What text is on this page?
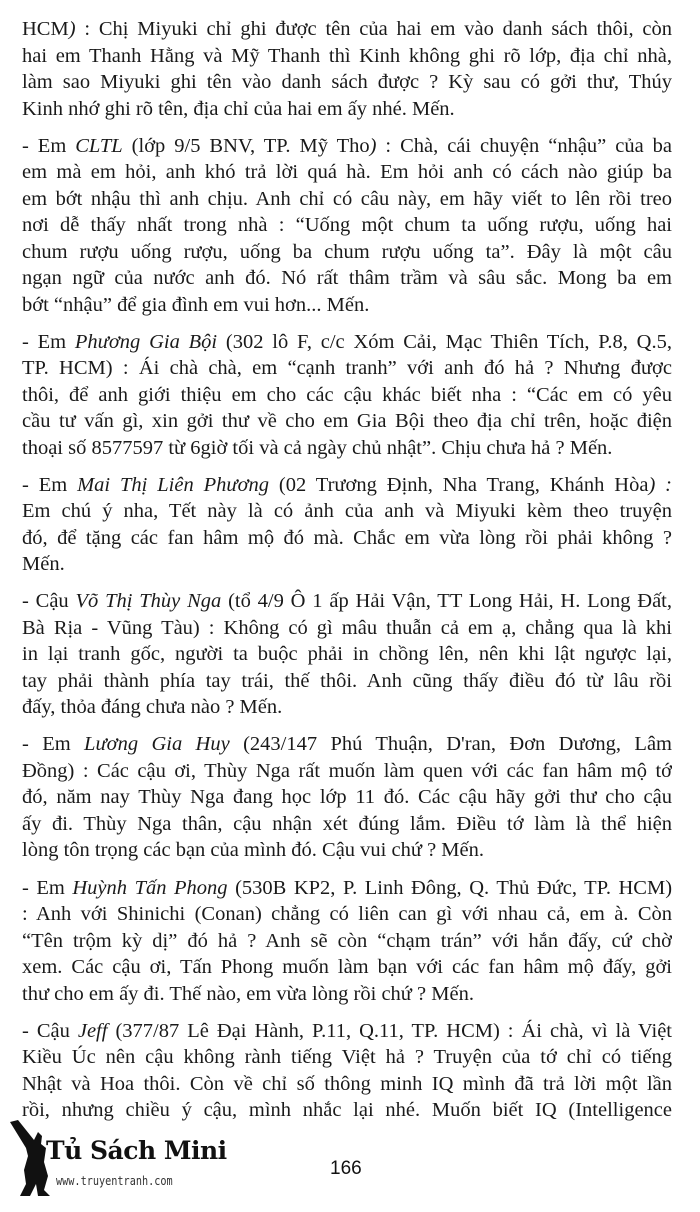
HCM) : Chị Miyuki chỉ ghi được tên của hai em vào danh sách thôi, còn
hai em Thanh Hằng và Mỹ Thanh thì Kinh không ghi rõ lớp, địa chỉ nhà,
làm sao Miyuki ghi tên vào danh sách được ? Kỳ sau có gởi thư, Thúy
Kinh nhớ ghi rõ tên, địa chỉ của hai em ấy nhé. Mến.
- Em CLTL (lớp 9/5 BNV, TP. Mỹ Tho) : Chà, cái chuyện “nhậu” của ba
em mà em hỏi, anh khó trả lời quá hà. Em hỏi anh có cách nào giúp ba
em bớt nhậu thì anh chịu. Anh chỉ có câu này, em hãy viết to lên rồi treo
nơi dễ thấy nhất trong nhà : “Uống một chum ta uống rượu, uống hai
chum rượu uống rượu, uống ba chum rượu uống ta”. Đây là một câu
ngạn ngữ của nước anh đó. Nó rất thâm trầm và sâu sắc. Mong ba em
bớt “nhậu” để gia đình em vui hơn... Mến.
- Em Phương Gia Bội (302 lô F, c/c Xóm Cải, Mạc Thiên Tích, P.8, Q.5,
TP. HCM) : Ái chà chà, em “cạnh tranh” với anh đó hả ? Nhưng được
thôi, để anh giới thiệu em cho các cậu khác biết nha : “Các em có yêu
cầu tư vấn gì, xin gởi thư về cho em Gia Bội theo địa chỉ trên, hoặc điện
thoại số 8577597 từ 6giờ tối và cả ngày chủ nhật”. Chịu chưa hả ? Mến.
- Em Mai Thị Liên Phương (02 Trương Định, Nha Trang, Khánh Hòa) :
Em chú ý nha, Tết này là có ảnh của anh và Miyuki kèm theo truyện
đó, để tặng các fan hâm mộ đó mà. Chắc em vừa lòng rồi phải không ?
Mến.
- Cậu Võ Thị Thùy Nga (tổ 4/9 Ô 1 ấp Hải Vận, TT Long Hải, H. Long Đất,
Bà Rịa - Vũng Tàu) : Không có gì mâu thuẫn cả em ạ, chẳng qua là khi
in lại tranh gốc, người ta buộc phải in chồng lên, nên khi lật ngược lại,
tay phải thành phía tay trái, thế thôi. Anh cũng thấy điều đó từ lâu rồi
đấy, thỏa đáng chưa nào ? Mến.
- Em Lương Gia Huy (243/147 Phú Thuận, D'ran, Đơn Dương, Lâm
Đồng) : Các cậu ơi, Thùy Nga rất muốn làm quen với các fan hâm mộ tớ
đó, năm nay Thùy Nga đang học lớp 11 đó. Các cậu hãy gởi thư cho cậu
ấy đi. Thùy Nga thân, cậu nhận xét đúng lắm. Điều tớ làm là thể hiện
lòng tôn trọng các bạn của mình đó. Cậu vui chứ ? Mến.
- Em Huỳnh Tấn Phong (530B KP2, P. Linh Đông, Q. Thủ Đức, TP. HCM)
: Anh với Shinichi (Conan) chẳng có liên can gì với nhau cả, em à. Còn
“Tên trộm kỳ dị” đó hả ? Anh sẽ còn “chạm trán” với hắn đấy, cứ chờ
xem. Các cậu ơi, Tấn Phong muốn làm bạn với các fan hâm mộ đấy, gởi
thư cho em ấy đi. Thế nào, em vừa lòng rồi chứ ? Mến.
- Cậu Jeff (377/87 Lê Đại Hành, P.11, Q.11, TP. HCM) : Ái chà, vì là Việt
Kiều Úc nên cậu không rành tiếng Việt hả ? Truyện của tớ chỉ có tiếng
Nhật và Hoa thôi. Còn về chỉ số thông minh IQ mình đã trả lời một lần
rồi, nhưng chiều ý cậu, mình nhắc lại nhé. Muốn biết IQ (Intelligence
Tủ Sách Mini
www.truyentranh.com
166
